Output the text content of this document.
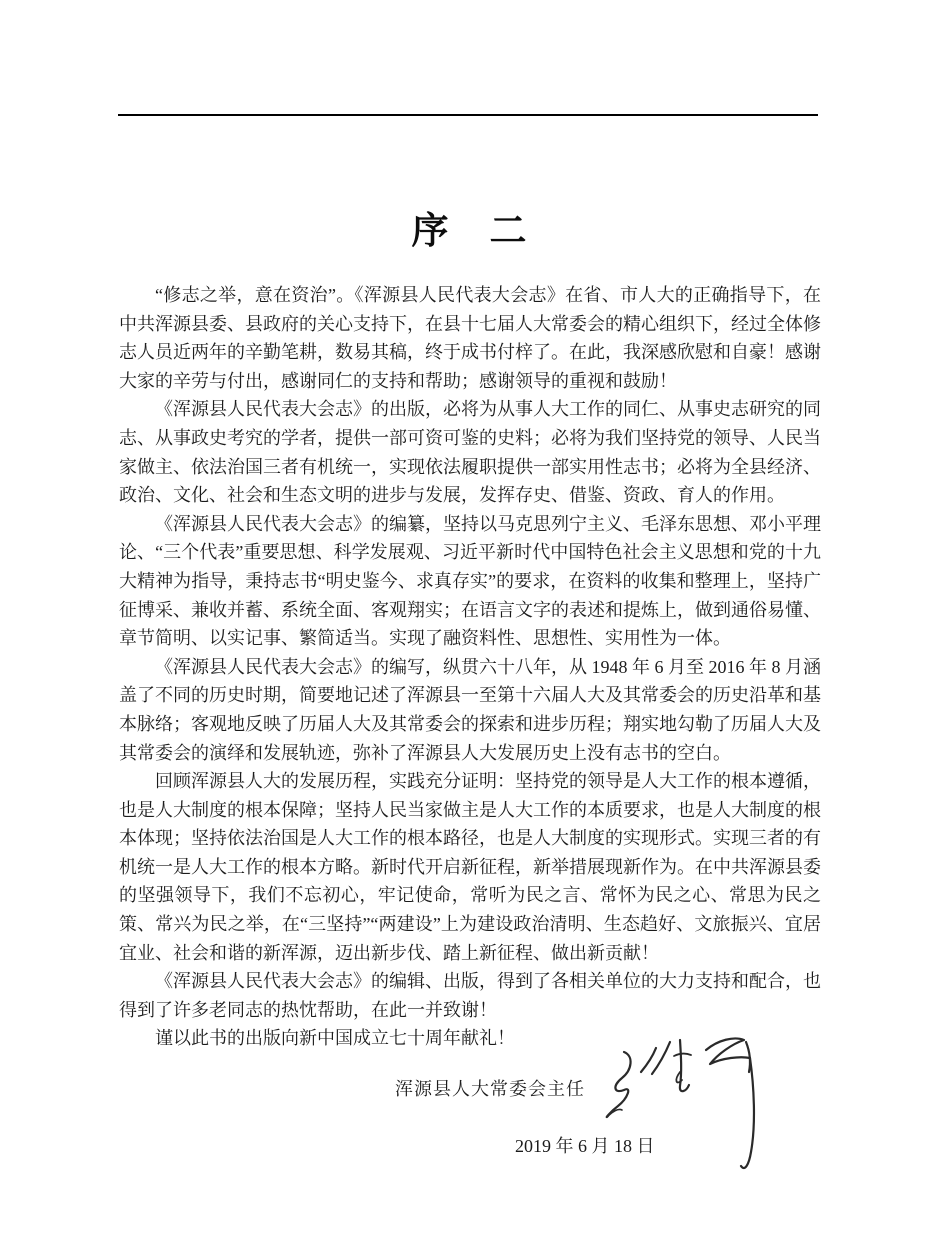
序　二

“修志之举，意在资治”。《浑源县人民代表大会志》在省、市人大的正确指导下，在中共浑源县委、县政府的关心支持下，在县十七届人大常委会的精心组织下，经过全体修志人员近两年的辛勤笔耕，数易其稿，终于成书付梓了。在此，我深感欣慰和自豪！感谢大家的辛劳与付出，感谢同仁的支持和帮助；感谢领导的重视和鼓励！

《浑源县人民代表大会志》的出版，必将为从事人大工作的同仁、从事史志研究的同志、从事政史考究的学者，提供一部可资可鉴的史料；必将为我们坚持党的领导、人民当家做主、依法治国三者有机统一，实现依法履职提供一部实用性志书；必将为全县经济、政治、文化、社会和生态文明的进步与发展，发挥存史、借鉴、资政、育人的作用。

《浑源县人民代表大会志》的编纂，坚持以马克思列宁主义、毛泽东思想、邓小平理论、“三个代表”重要思想、科学发展观、习近平新时代中国特色社会主义思想和党的十九大精神为指导，秉持志书“明史鉴今、求真存实”的要求，在资料的收集和整理上，坚持广征博采、兼收并蓄、系统全面、客观翔实；在语言文字的表述和提炼上，做到通俗易懂、章节简明、以实记事、繁简适当。实现了融资料性、思想性、实用性为一体。

《浑源县人民代表大会志》的编写，纵贯六十八年，从 1948 年 6 月至 2016 年 8 月涵盖了不同的历史时期，简要地记述了浑源县一至第十六届人大及其常委会的历史沿革和基本脉络；客观地反映了历届人大及其常委会的探索和进步历程；翔实地勾勒了历届人大及其常委会的演绎和发展轨迹，弥补了浑源县人大发展历史上没有志书的空白。

回顾浑源县人大的发展历程，实践充分证明：坚持党的领导是人大工作的根本遵循，也是人大制度的根本保障；坚持人民当家做主是人大工作的本质要求，也是人大制度的根本体现；坚持依法治国是人大工作的根本路径，也是人大制度的实现形式。实现三者的有机统一是人大工作的根本方略。新时代开启新征程，新举措展现新作为。在中共浑源县委的坚强领导下，我们不忘初心，牢记使命，常听为民之言、常怀为民之心、常思为民之策、常兴为民之举，在“三坚持”“两建设”上为建设政治清明、生态趋好、文旅振兴、宜居宜业、社会和谐的新浑源，迈出新步伐、踏上新征程、做出新贡献！

《浑源县人民代表大会志》的编辑、出版，得到了各相关单位的大力支持和配合，也得到了许多老同志的热忱帮助，在此一并致谢！

谨以此书的出版向新中国成立七十周年献礼！

浑源县人大常委会主任
2019 年 6 月 18 日
